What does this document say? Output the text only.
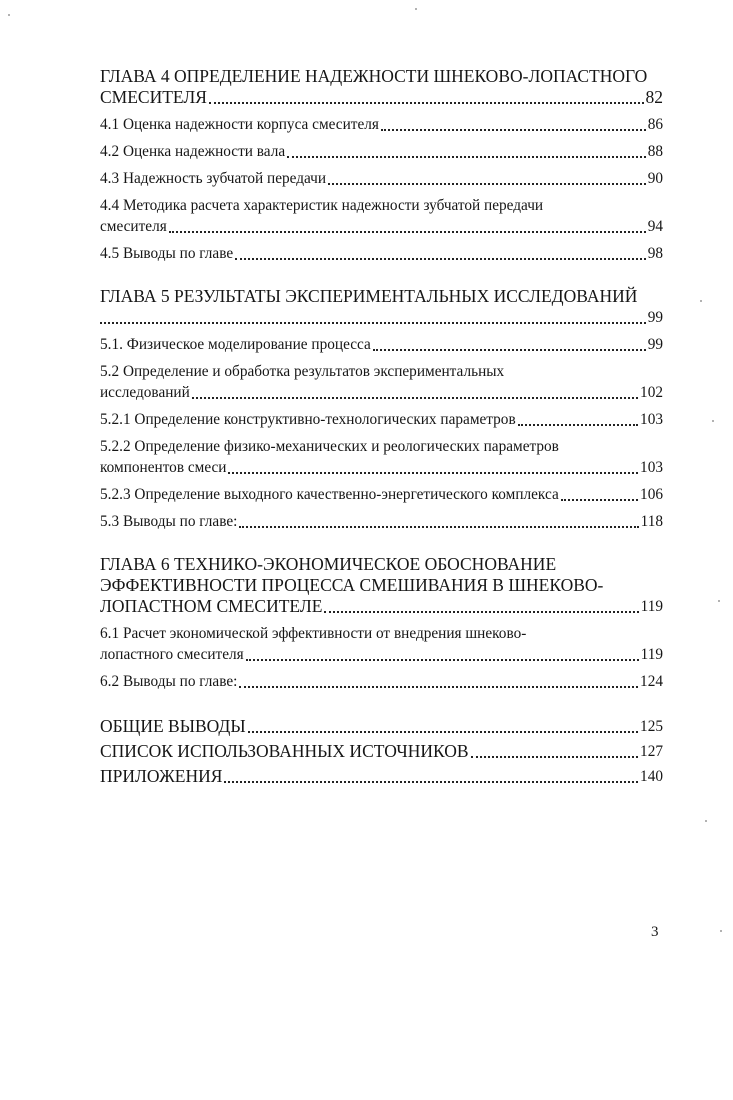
ГЛАВА 4 ОПРЕДЕЛЕНИЕ НАДЕЖНОСТИ ШНЕКОВО-ЛОПАСТНОГО
СМЕСИТЕЛЯ	82
4.1 Оценка надежности корпуса смесителя	86
4.2 Оценка надежности вала	88
4.3 Надежность зубчатой передачи	90
4.4 Методика расчета характеристик надежности зубчатой передачи
смесителя	94
4.5 Выводы по главе	98
ГЛАВА 5 РЕЗУЛЬТАТЫ ЭКСПЕРИМЕНТАЛЬНЫХ ИССЛЕДОВАНИЙ
99
5.1. Физическое моделирование процесса	99
5.2 Определение и обработка результатов экспериментальных
исследований	102
5.2.1 Определение конструктивно-технологических параметров	103
5.2.2 Определение физико-механических и реологических параметров
компонентов смеси	103
5.2.3 Определение выходного качественно-энергетического комплекса	106
5.3 Выводы по главе:	118
ГЛАВА 6 ТЕХНИКО-ЭКОНОМИЧЕСКОЕ ОБОСНОВАНИЕ
ЭФФЕКТИВНОСТИ ПРОЦЕССА СМЕШИВАНИЯ В ШНЕКОВО-
ЛОПАСТНОМ СМЕСИТЕЛЕ	119
6.1 Расчет экономической эффективности от внедрения шнеково-
лопастного смесителя	119
6.2 Выводы по главе:	124
ОБЩИЕ ВЫВОДЫ	125
СПИСОК ИСПОЛЬЗОВАННЫХ ИСТОЧНИКОВ	127
ПРИЛОЖЕНИЯ	140
3
